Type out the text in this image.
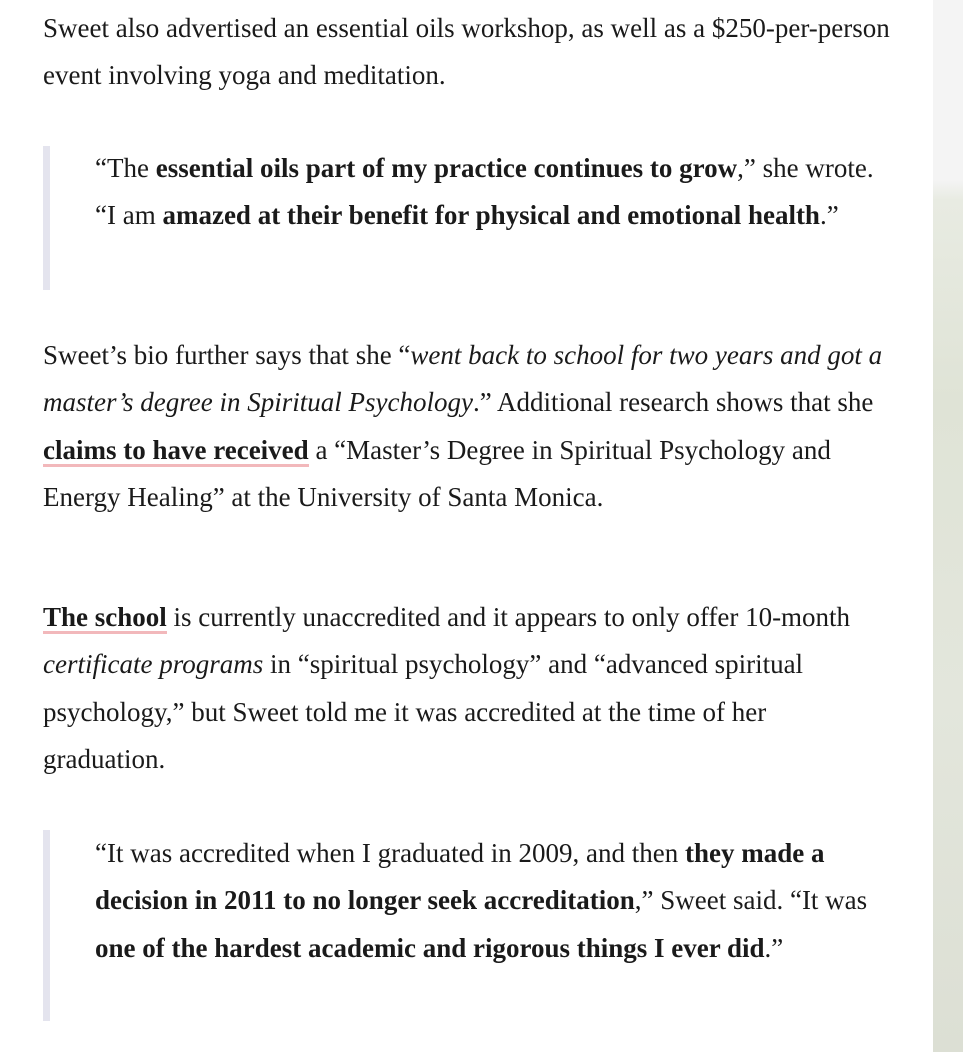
Sweet also advertised an essential oils workshop, as well as a $250-per-person event involving yoga and meditation.

“The essential oils part of my practice continues to grow,” she wrote. “I am amazed at their benefit for physical and emotional health.”

Sweet’s bio further says that she “went back to school for two years and got a master’s degree in Spiritual Psychology.” Additional research shows that she claims to have received a “Master’s Degree in Spiritual Psychology and Energy Healing” at the University of Santa Monica.

The school is currently unaccredited and it appears to only offer 10-month certificate programs in “spiritual psychology” and “advanced spiritual psychology,” but Sweet told me it was accredited at the time of her graduation.

“It was accredited when I graduated in 2009, and then they made a decision in 2011 to no longer seek accreditation,” Sweet said. “It was one of the hardest academic and rigorous things I ever did.”
